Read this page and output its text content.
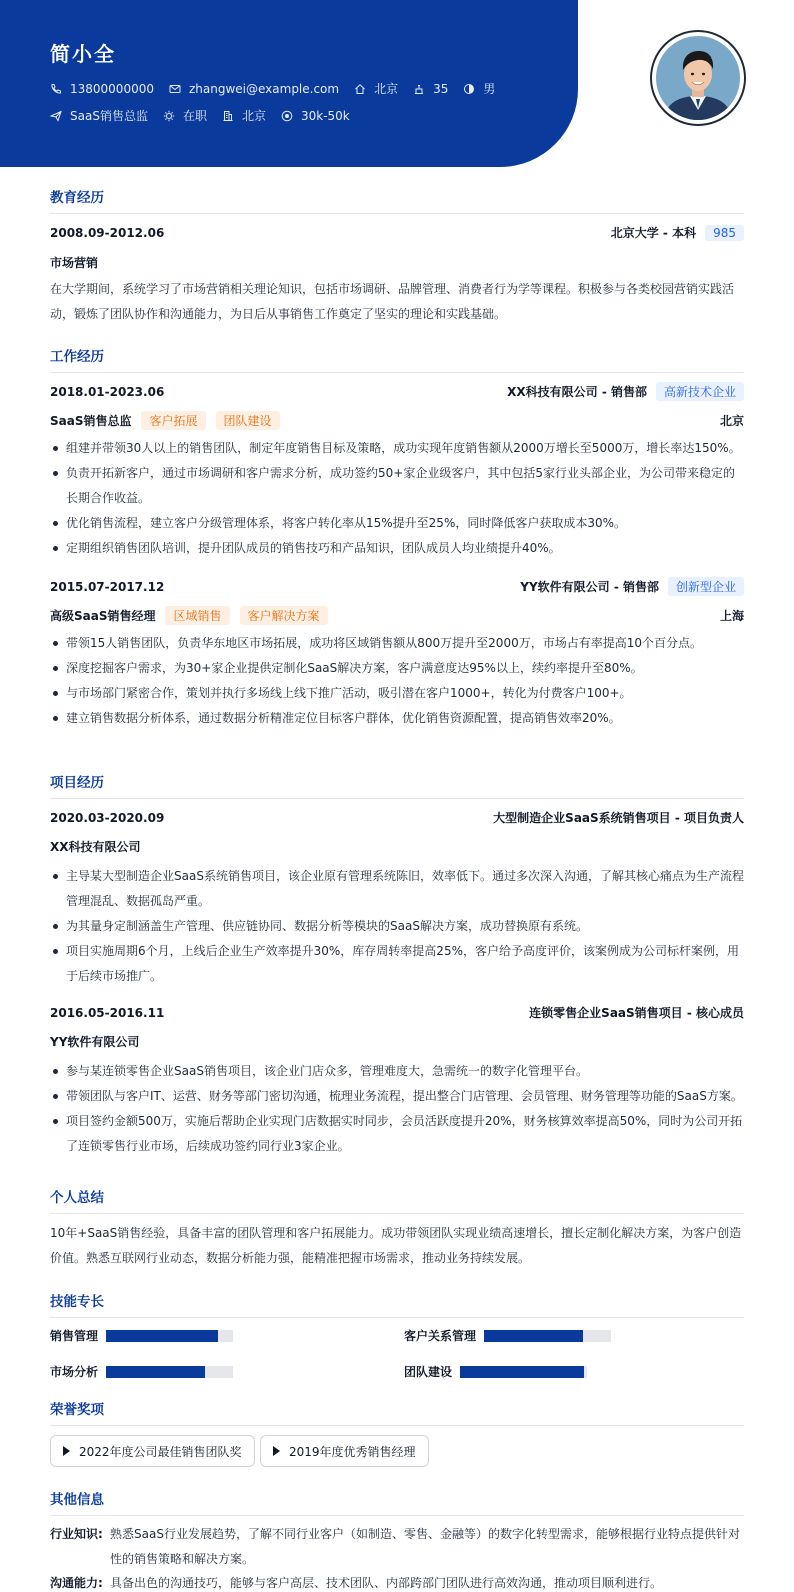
简小全
13800000000	zhangwei@example.com	北京	35	男
SaaS销售总监	在职	北京	30k-50k
教育经历
2008.09-2012.06	北京大学 - 本科	985
市场营销
在大学期间，系统学习了市场营销相关理论知识，包括市场调研、品牌管理、消费者行为学等课程。积极参与各类校园营销实践活动，锻炼了团队协作和沟通能力，为日后从事销售工作奠定了坚实的理论和实践基础。
工作经历
2018.01-2023.06	XX科技有限公司 - 销售部	高新技术企业
SaaS销售总监	客户拓展	团队建设	北京
组建并带领30人以上的销售团队，制定年度销售目标及策略，成功实现年度销售额从2000万增长至5000万，增长率达150%。
负责开拓新客户，通过市场调研和客户需求分析，成功签约50+家企业级客户，其中包括5家行业头部企业，为公司带来稳定的长期合作收益。
优化销售流程，建立客户分级管理体系，将客户转化率从15%提升至25%，同时降低客户获取成本30%。
定期组织销售团队培训，提升团队成员的销售技巧和产品知识，团队成员人均业绩提升40%。
2015.07-2017.12	YY软件有限公司 - 销售部	创新型企业
高级SaaS销售经理	区域销售	客户解决方案	上海
带领15人销售团队，负责华东地区市场拓展，成功将区域销售额从800万提升至2000万，市场占有率提高10个百分点。
深度挖掘客户需求，为30+家企业提供定制化SaaS解决方案，客户满意度达95%以上，续约率提升至80%。
与市场部门紧密合作，策划并执行多场线上线下推广活动，吸引潜在客户1000+，转化为付费客户100+。
建立销售数据分析体系，通过数据分析精准定位目标客户群体，优化销售资源配置，提高销售效率20%。
项目经历
2020.03-2020.09	大型制造企业SaaS系统销售项目 - 项目负责人
XX科技有限公司
主导某大型制造企业SaaS系统销售项目，该企业原有管理系统陈旧，效率低下。通过多次深入沟通，了解其核心痛点为生产流程管理混乱、数据孤岛严重。
为其量身定制涵盖生产管理、供应链协同、数据分析等模块的SaaS解决方案，成功替换原有系统。
项目实施周期6个月，上线后企业生产效率提升30%，库存周转率提高25%，客户给予高度评价，该案例成为公司标杆案例，用于后续市场推广。
2016.05-2016.11	连锁零售企业SaaS销售项目 - 核心成员
YY软件有限公司
参与某连锁零售企业SaaS销售项目，该企业门店众多，管理难度大，急需统一的数字化管理平台。
带领团队与客户IT、运营、财务等部门密切沟通，梳理业务流程，提出整合门店管理、会员管理、财务管理等功能的SaaS方案。
项目签约金额500万，实施后帮助企业实现门店数据实时同步，会员活跃度提升20%，财务核算效率提高50%，同时为公司开拓了连锁零售行业市场，后续成功签约同行业3家企业。
个人总结
10年+SaaS销售经验，具备丰富的团队管理和客户拓展能力。成功带领团队实现业绩高速增长，擅长定制化解决方案，为客户创造价值。熟悉互联网行业动态，数据分析能力强，能精准把握市场需求，推动业务持续发展。
技能专长
销售管理	客户关系管理
市场分析	团队建设
荣誉奖项
2022年度公司最佳销售团队奖	2019年度优秀销售经理
其他信息
行业知识: 熟悉SaaS行业发展趋势，了解不同行业客户（如制造、零售、金融等）的数字化转型需求，能够根据行业特点提供针对性的销售策略和解决方案。
沟通能力: 具备出色的沟通技巧，能够与客户高层、技术团队、内部跨部门团队进行高效沟通，推动项目顺利进行。
